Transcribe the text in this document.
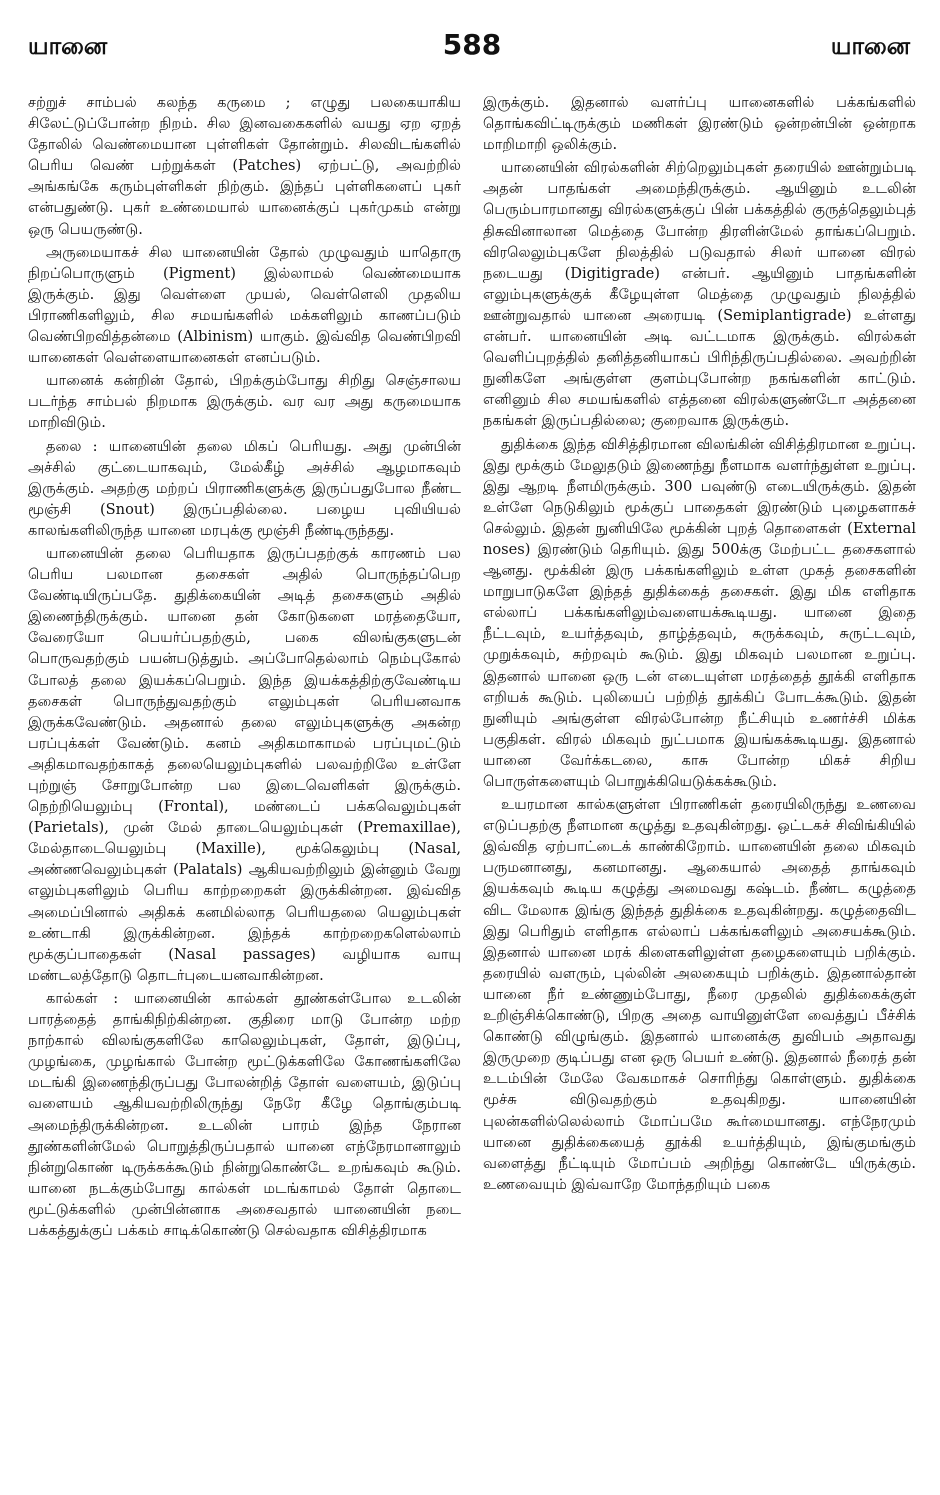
யானை	588	யானை

சற்றுச் சாம்பல் கலந்த கருமை ; எழுது பலகையாகிய சிலேட்டுப்போன்ற நிறம். சில இனவகைகளில் வயது ஏற ஏறத் தோலில் வெண்மையான புள்ளிகள் தோன்றும். சிலவிடங்களில் பெரிய வெண் பற்றுக்கள் (Patches) ஏற்பட்டு, அவற்றில் அங்கங்கே கரும்புள்ளிகள் நிற்கும். இந்தப் புள்ளிகளைப் புகர் என்பதுண்டு. புகர் உண்மையால் யானைக்குப் புகர்முகம் என்று ஒரு பெயருண்டு.

அருமையாகச் சில யானையின் தோல் முழுவதும் யாதொரு நிறப்பொருளும் (Pigment) இல்லாமல் வெண்மையாக இருக்கும். இது வெள்ளை முயல், வெள்ளெலி முதலிய பிராணிகளிலும், சில சமயங்களில் மக்களிலும் காணப்படும் வெண்பிறவித்தன்மை (Albinism) யாகும். இவ்வித வெண்பிறவி யானைகள் வெள்ளையானைகள் எனப்படும்.

யானைக் கன்றின் தோல், பிறக்கும்போது சிறிது செஞ்சாலய படர்ந்த சாம்பல் நிறமாக இருக்கும். வர வர அது கருமையாக மாறிவிடும்.

தலை : யானையின் தலை மிகப் பெரியது. அது முன்பின் அச்சில் குட்டையாகவும், மேல்கீழ் அச்சில் ஆழமாகவும் இருக்கும். அதற்கு மற்றப் பிராணிகளுக்கு இருப்பதுபோல நீண்ட மூஞ்சி (Snout) இருப்பதில்லை. பழைய புவியியல் காலங்களிலிருந்த யானை மரபுக்கு மூஞ்சி நீண்டிருந்தது.

யானையின் தலை பெரியதாக இருப்பதற்குக் காரணம் பல பெரிய பலமான தசைகள் அதில் பொருந்தப்பெற வேண்டியிருப்பதே. துதிக்கையின் அடித் தசைகளும் அதில் இணைந்திருக்கும். யானை தன் கோடுகளை மரத்தையோ, வேரையோ பெயர்ப்பதற்கும், பகை விலங்குகளுடன் பொருவதற்கும் பயன்படுத்தும். அப்போதெல்லாம் நெம்புகோல் போலத் தலை இயக்கப்பெறும். இந்த இயக்கத்திற்குவேண்டிய தசைகள் பொருந்துவதற்கும் எலும்புகள் பெரியனவாக இருக்கவேண்டும். அதனால் தலை எலும்புகளுக்கு அகன்ற பரப்புக்கள் வேண்டும். கனம் அதிகமாகாமல் பரப்புமட்டும் அதிகமாவதற்காகத் தலையெலும்புகளில் பலவற்றிலே உள்ளே புற்றுஞ் சோறுபோன்ற பல இடைவெளிகள் இருக்கும். நெற்றியெலும்பு (Frontal), மண்டைப் பக்கவெலும்புகள் (Parietals), முன் மேல் தாடையெலும்புகள் (Premaxillae), மேல்தாடையெலும்பு (Maxille), மூக்கெலும்பு (Nasal, அண்ணவெலும்புகள் (Palatals) ஆகியவற்றிலும் இன்னும் வேறு எலும்புகளிலும் பெரிய காற்றறைகள் இருக்கின்றன. இவ்வித அமைப்பினால் அதிகக் கனமில்லாத பெரியதலை யெலும்புகள் உண்டாகி இருக்கின்றன. இந்தக் காற்றறைகளெல்லாம் மூக்குப்பாதைகள் (Nasal passages) வழியாக வாயு மண்டலத்தோடு தொடர்புடையனவாகின்றன.

கால்கள் : யானையின் கால்கள் தூண்கள்போல உடலின் பாரத்தைத் தாங்கிநிற்கின்றன. குதிரை மாடு போன்ற மற்ற நாற்கால் விலங்குகளிலே காலெலும்புகள், தோள், இடுப்பு, முழங்கை, முழங்கால் போன்ற மூட்டுக்களிலே கோணங்களிலே மடங்கி இணைந்திருப்பது போலன்றித் தோள் வளையம், இடுப்பு வளையம் ஆகியவற்றிலிருந்து நேரே கீழே தொங்கும்படி அமைந்திருக்கின்றன. உடலின் பாரம் இந்த நேரான தூண்களின்மேல் பொறுத்திருப்பதால் யானை எந்நேரமானாலும் நின்றுகொண் டிருக்கக்கூடும் நின்றுகொண்டே உறங்கவும் கூடும். யானை நடக்கும்போது கால்கள் மடங்காமல் தோள் தொடை மூட்டுக்களில் முன்பின்னாக அசைவதால் யானையின் நடை பக்கத்துக்குப் பக்கம் சாடிக்கொண்டு செல்வதாக விசித்திரமாக

இருக்கும். இதனால் வளர்ப்பு யானைகளில் பக்கங்களில் தொங்கவிட்டிருக்கும் மணிகள் இரண்டும் ஒன்றன்பின் ஒன்றாக மாறிமாறி ஒலிக்கும்.

யானையின் விரல்களின் சிற்றெலும்புகள் தரையில் ஊன்றும்படி அதன் பாதங்கள் அமைந்திருக்கும். ஆயினும் உடலின் பெரும்பாரமானது விரல்களுக்குப் பின் பக்கத்தில் குருத்தெலும்புத் திசுவினாலான மெத்தை போன்ற திரளின்மேல் தாங்கப்பெறும். விரலெலும்புகளே நிலத்தில் படுவதால் சிலர் யானை விரல் நடையது (Digitigrade) என்பர். ஆயினும் பாதங்களின் எலும்புகளுக்குக் கீழேயுள்ள மெத்தை முழுவதும் நிலத்தில் ஊன்றுவதால் யானை அரையடி (Semiplantigrade) உள்ளது என்பர். யானையின் அடி வட்டமாக இருக்கும். விரல்கள் வெளிப்புறத்தில் தனித்தனியாகப் பிரிந்திருப்பதில்லை. அவற்றின் நுனிகளே அங்குள்ள குளம்புபோன்ற நகங்களின் காட்டும். எனினும் சில சமயங்களில் எத்தனை விரல்களுண்டோ அத்தனை நகங்கள் இருப்பதில்லை; குறைவாக இருக்கும்.

துதிக்கை இந்த விசித்திரமான விலங்கின் விசித்திரமான உறுப்பு. இது மூக்கும் மேலுதடும் இணைந்து நீளமாக வளர்ந்துள்ள உறுப்பு. இது ஆறடி நீளமிருக்கும். 300 பவுண்டு எடையிருக்கும். இதன் உள்ளே நெடுகிலும் மூக்குப் பாதைகள் இரண்டும் புழைகளாகச் செல்லும். இதன் நுனியிலே மூக்கின் புறத் தொளைகள் (External noses) இரண்டும் தெரியும். இது 500க்கு மேற்பட்ட தசைகளால் ஆனது. மூக்கின் இரு பக்கங்களிலும் உள்ள முகத் தசைகளின் மாறுபாடுகளே இந்தத் துதிக்கைத் தசைகள். இது மிக எளிதாக எல்லாப் பக்கங்களிலும்வளையக்கூடியது. யானை இதை நீட்டவும், உயர்த்தவும், தாழ்த்தவும், சுருக்கவும், சுருட்டவும், முறுக்கவும், சுற்றவும் கூடும். இது மிகவும் பலமான உறுப்பு. இதனால் யானை ஒரு டன் எடையுள்ள மரத்தைத் தூக்கி எளிதாக எறியக் கூடும். புலியைப் பற்றித் தூக்கிப் போடக்கூடும். இதன் நுனியும் அங்குள்ள விரல்போன்ற நீட்சியும் உணர்ச்சி மிக்க பகுதிகள். விரல் மிகவும் நுட்பமாக இயங்கக்கூடியது. இதனால் யானை வேர்க்கடலை, காசு போன்ற மிகச் சிறிய பொருள்களையும் பொறுக்கியெடுக்கக்கூடும்.

உயரமான கால்களுள்ள பிராணிகள் தரையிலிருந்து உணவை எடுப்பதற்கு நீளமான கழுத்து உதவுகின்றது. ஒட்டகச் சிவிங்கியில் இவ்வித ஏற்பாட்டைக் காண்கிறோம். யானையின் தலை மிகவும் பருமனானது, கனமானது. ஆகையால் அதைத் தாங்கவும் இயக்கவும் கூடிய கழுத்து அமைவது கஷ்டம். நீண்ட கழுத்தை விட மேலாக இங்கு இந்தத் துதிக்கை உதவுகின்றது. கழுத்தைவிட இது பெரிதும் எளிதாக எல்லாப் பக்கங்களிலும் அசையக்கூடும். இதனால் யானை மரக் கிளைகளிலுள்ள தழைகளையும் பறிக்கும். தரையில் வளரும், புல்லின் அலகையும் பறிக்கும். இதனால்தான் யானை நீர் உண்ணும்போது, நீரை முதலில் துதிக்கைக்குள் உறிஞ்சிக்கொண்டு, பிறகு அதை வாயினுள்ளே வைத்துப் பீச்சிக் கொண்டு விழுங்கும். இதனால் யானைக்கு துவிபம் அதாவது இருமுறை குடிப்பது என ஒரு பெயர் உண்டு. இதனால் நீரைத் தன் உடம்பின் மேலே வேகமாகச் சொரிந்து கொள்ளும். துதிக்கை மூச்சு விடுவதற்கும் உதவுகிறது. யானையின் புலன்களில்லெல்லாம் மோப்பமே கூர்மையானது. எந்நேரமும் யானை துதிக்கையைத் தூக்கி உயர்த்தியும், இங்குமங்கும் வளைத்து நீட்டியும் மோப்பம் அறிந்து கொண்டே யிருக்கும். உணவையும் இவ்வாறே மோந்தறியும் பகை
